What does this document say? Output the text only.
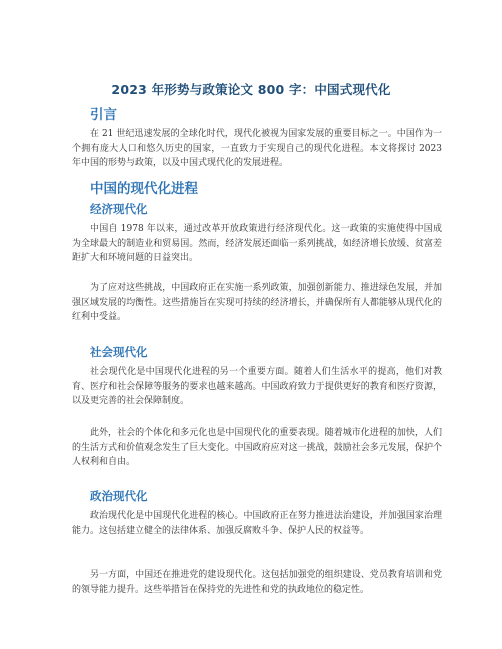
2023 年形势与政策论文 800 字：中国式现代化
引言
在 21 世纪迅速发展的全球化时代，现代化被视为国家发展的重要目标之一。中国作为一个拥有庞大人口和悠久历史的国家，一直致力于实现自己的现代化进程。本文将探讨 2023 年中国的形势与政策，以及中国式现代化的发展进程。
中国的现代化进程
经济现代化
中国自 1978 年以来，通过改革开放政策进行经济现代化。这一政策的实施使得中国成为全球最大的制造业和贸易国。然而，经济发展还面临一系列挑战，如经济增长放缓、贫富差距扩大和环境问题的日益突出。
为了应对这些挑战，中国政府正在实施一系列政策，加强创新能力、推进绿色发展，并加强区域发展的均衡性。这些措施旨在实现可持续的经济增长，并确保所有人都能够从现代化的红利中受益。
社会现代化
社会现代化是中国现代化进程的另一个重要方面。随着人们生活水平的提高，他们对教育、医疗和社会保障等服务的要求也越来越高。中国政府致力于提供更好的教育和医疗资源，以及更完善的社会保障制度。
此外，社会的个体化和多元化也是中国现代化的重要表现。随着城市化进程的加快，人们的生活方式和价值观念发生了巨大变化。中国政府应对这一挑战，鼓励社会多元发展，保护个人权利和自由。
政治现代化
政治现代化是中国现代化进程的核心。中国政府正在努力推进法治建设，并加强国家治理能力。这包括建立健全的法律体系、加强反腐败斗争、保护人民的权益等。
另一方面，中国还在推进党的建设现代化。这包括加强党的组织建设、党员教育培训和党的领导能力提升。这些举措旨在保持党的先进性和党的执政地位的稳定性。
